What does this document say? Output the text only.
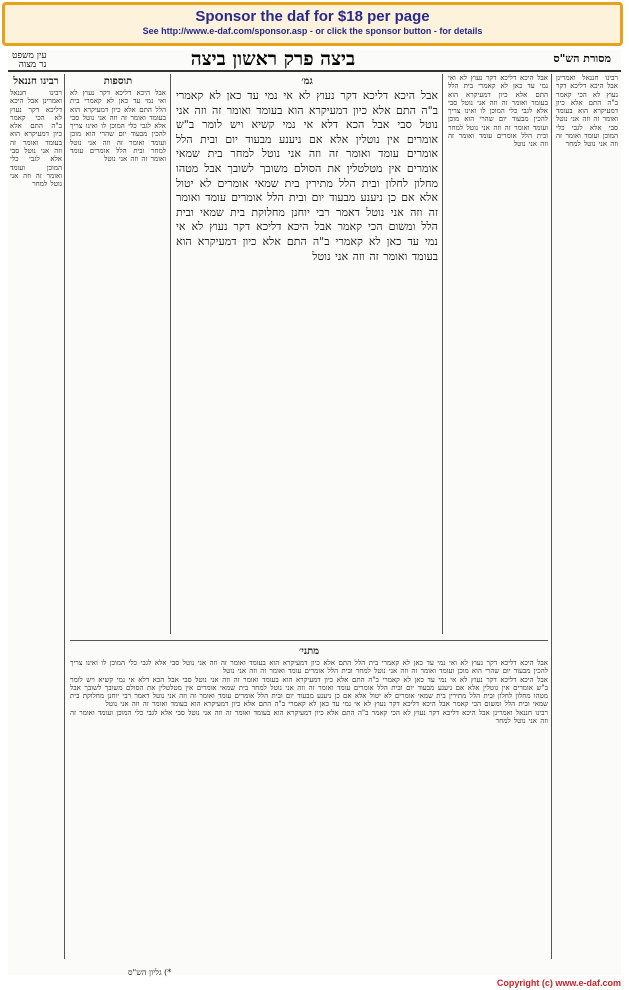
Sponsor the daf for $18 per page
See http://www.e-daf.com/sponsor.asp - or click the sponsor button - for details
עין משפט
נר מצוה	ביצה פרק ראשון ביצה	מסורת הש"ס
רבינו חננאל ואמרינן אבל היכא דליכא דקר נעוץ לא הכי קאמר ב"ה התם אלא כיון דמעיקרא הוא בעומד ואומר זה וזה אני נוטל סבי אלא לגבי כלי המוכן ועומד ואומר זה וזה אני נוטל למחר
אבל היכא דליכא דקר נעוץ לא ואי נמי עד כאן לא קאמרי בית הלל התם אלא כיון דמעיקרא הוא בעומד ואומר זה וזה אני נוטל סבי אלא לגבי כלי המוכן לו ואינו צריך להכין מבעוד יום שהרי הוא מוכן ועומד ואומר זה וזה אני נוטל למחר ובית הלל אומרים עומד ואומר זה וזה אני נוטל
גמ׳
אבל היכא דליכא דקר נעוץ לא אי נמי עד כאן לא קאמרי ב"ה התם אלא כיון דמעיקרא הוא בעומד ואומר זה וזה אני נוטל סבי אבל הכא דלא אי נמי קשיא ויש לומר ב"ש אומרים אין נוטלין אלא אם ניענע מבעוד יום ובית הלל אומרים עומד ואומר זה וזה אני נוטל למחר בית שמאי אומרים אין מטלטלין את הסולם משובך לשובך אבל מטהו מחלון לחלון ובית הלל מתירין בית שמאי אומרים לא יטול אלא אם כן ניענע מבעוד יום ובית הלל אומרים עומד ואומר זה וזה אני נוטל דאמר רבי יוחנן מחלוקת בית שמאי ובית הלל ומשום הכי קאמר אבל היכא דליכא דקר נעוץ לא אי נמי עד כאן לא קאמרי ב"ה התם אלא כיון דמעיקרא הוא בעומד ואומר זה וזה אני נוטל
תוספות
אבל היכא דליכא דקר נעוץ לא ואי נמי עד כאן לא קאמרי בית הלל התם אלא כיון דמעיקרא הוא בעומד ואומר זה וזה אני נוטל סבי אלא לגבי כלי המוכן לו ואינו צריך להכין מבעוד יום שהרי הוא מוכן ועומד ואומר זה וזה אני נוטל למחר ובית הלל אומרים עומד ואומר זה וזה אני נוטל
רבינו חננאל
רבינו חננאל ואמרינן אבל היכא דליכא דקר נעוץ לא הכי קאמר ב"ה התם אלא כיון דמעיקרא הוא בעומד ואומר זה וזה אני נוטל סבי אלא לגבי כלי המוכן ועומד ואומר זה וזה אני נוטל למחר
מתני׳
אבל היכא דליכא דקר נעוץ לא ואי נמי עד כאן לא קאמרי בית הלל התם אלא כיון דמעיקרא הוא בעומד ואומר זה וזה אני נוטל סבי אלא לגבי כלי המוכן לו ואינו צריך להכין מבעוד יום שהרי הוא מוכן ועומד ואומר זה וזה אני נוטל למחר ובית הלל אומרים עומד ואומר זה וזה אני נוטל
אבל היכא דליכא דקר נעוץ לא אי נמי עד כאן לא קאמרי ב"ה התם אלא כיון דמעיקרא הוא בעומד ואומר זה וזה אני נוטל סבי אבל הכא דלא אי נמי קשיא ויש לומר ב"ש אומרים אין נוטלין אלא אם ניענע מבעוד יום ובית הלל אומרים עומד ואומר זה וזה אני נוטל למחר בית שמאי אומרים אין מטלטלין את הסולם משובך לשובך אבל מטהו מחלון לחלון ובית הלל מתירין בית שמאי אומרים לא יטול אלא אם כן ניענע מבעוד יום ובית הלל אומרים עומד ואומר זה וזה אני נוטל דאמר רבי יוחנן מחלוקת בית שמאי ובית הלל ומשום הכי קאמר אבל היכא דליכא דקר נעוץ לא אי נמי עד כאן לא קאמרי ב"ה התם אלא כיון דמעיקרא הוא בעומד ואומר זה וזה אני נוטל
רבינו חננאל ואמרינן אבל היכא דליכא דקר נעוץ לא הכי קאמר ב"ה התם אלא כיון דמעיקרא הוא בעומד ואומר זה וזה אני נוטל סבי אלא לגבי כלי המוכן ועומד ואומר זה וזה אני נוטל למחר
*) גליון הש"ס
Copyright (c) www.e-daf.com
